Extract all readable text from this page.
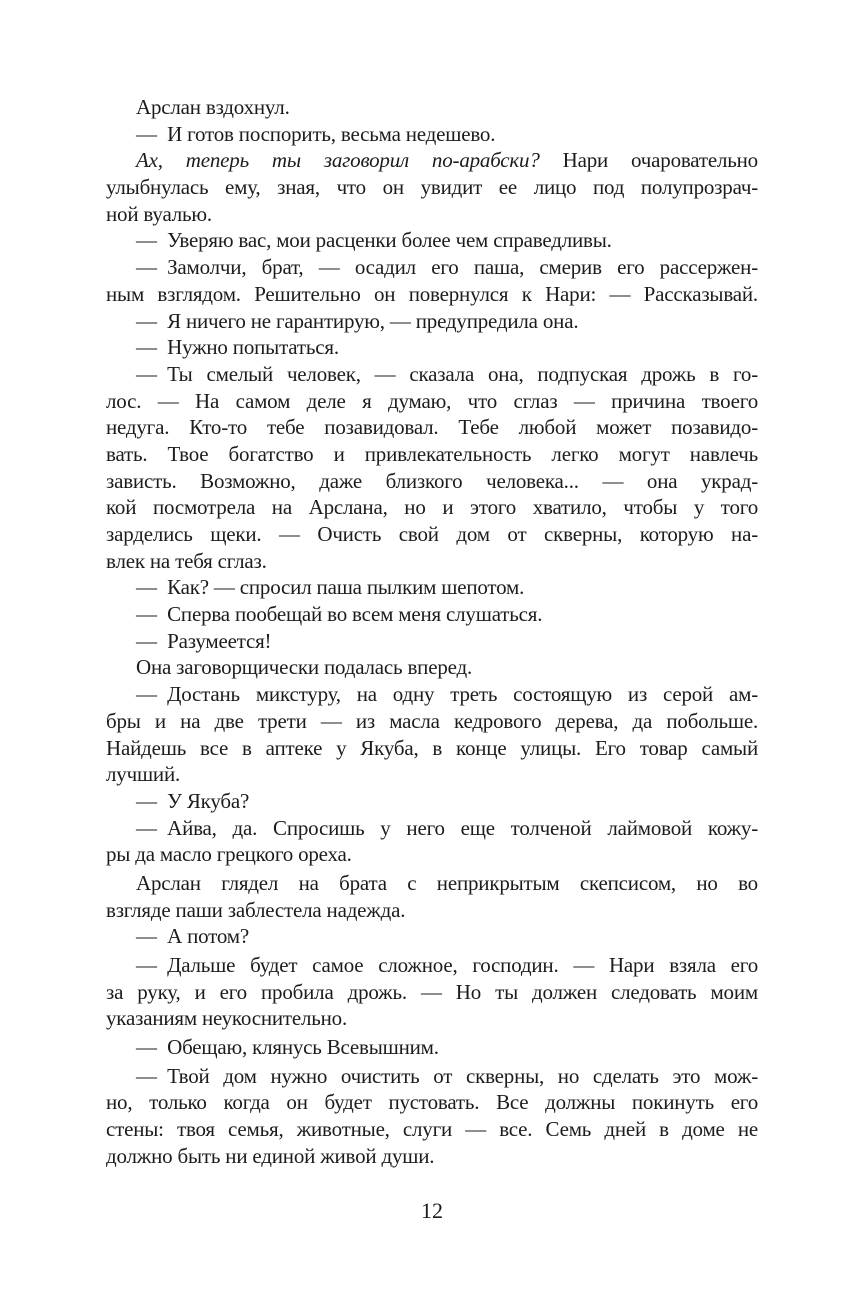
Арслан вздохнул.
— И готов поспорить, весьма недешево.
Ах, теперь ты заговорил по-арабски? Нари очаровательно
улыбнулась ему, зная, что он увидит ее лицо под полупрозрач-
ной вуалью.
— Уверяю вас, мои расценки более чем справедливы.
— Замолчи, брат, — осадил его паша, смерив его рассержен-
ным взглядом. Решительно он повернулся к Нари: — Рассказывай.
— Я ничего не гарантирую, — предупредила она.
— Нужно попытаться.
— Ты смелый человек, — сказала она, подпуская дрожь в го-
лос. — На самом деле я думаю, что сглаз — причина твоего
недуга. Кто-то тебе позавидовал. Тебе любой может позавидо-
вать. Твое богатство и привлекательность легко могут навлечь
зависть. Возможно, даже близкого человека... — она украд-
кой посмотрела на Арслана, но и этого хватило, чтобы у того
зарделись щеки. — Очисть свой дом от скверны, которую на-
влек на тебя сглаз.
— Как? — спросил паша пылким шепотом.
— Сперва пообещай во всем меня слушаться.
— Разумеется!
Она заговорщически подалась вперед.
— Достань микстуру, на одну треть состоящую из серой ам-
бры и на две трети — из масла кедрового дерева, да побольше.
Найдешь все в аптеке у Якуба, в конце улицы. Его товар самый
лучший.
— У Якуба?
— Айва, да. Спросишь у него еще толченой лаймовой кожу-
ры да масло грецкого ореха.
Арслан глядел на брата с неприкрытым скепсисом, но во
взгляде паши заблестела надежда.
— А потом?
— Дальше будет самое сложное, господин. — Нари взяла его
за руку, и его пробила дрожь. — Но ты должен следовать моим
указаниям неукоснительно.
— Обещаю, клянусь Всевышним.
— Твой дом нужно очистить от скверны, но сделать это мож-
но, только когда он будет пустовать. Все должны покинуть его
стены: твоя семья, животные, слуги — все. Семь дней в доме не
должно быть ни единой живой души.
12
